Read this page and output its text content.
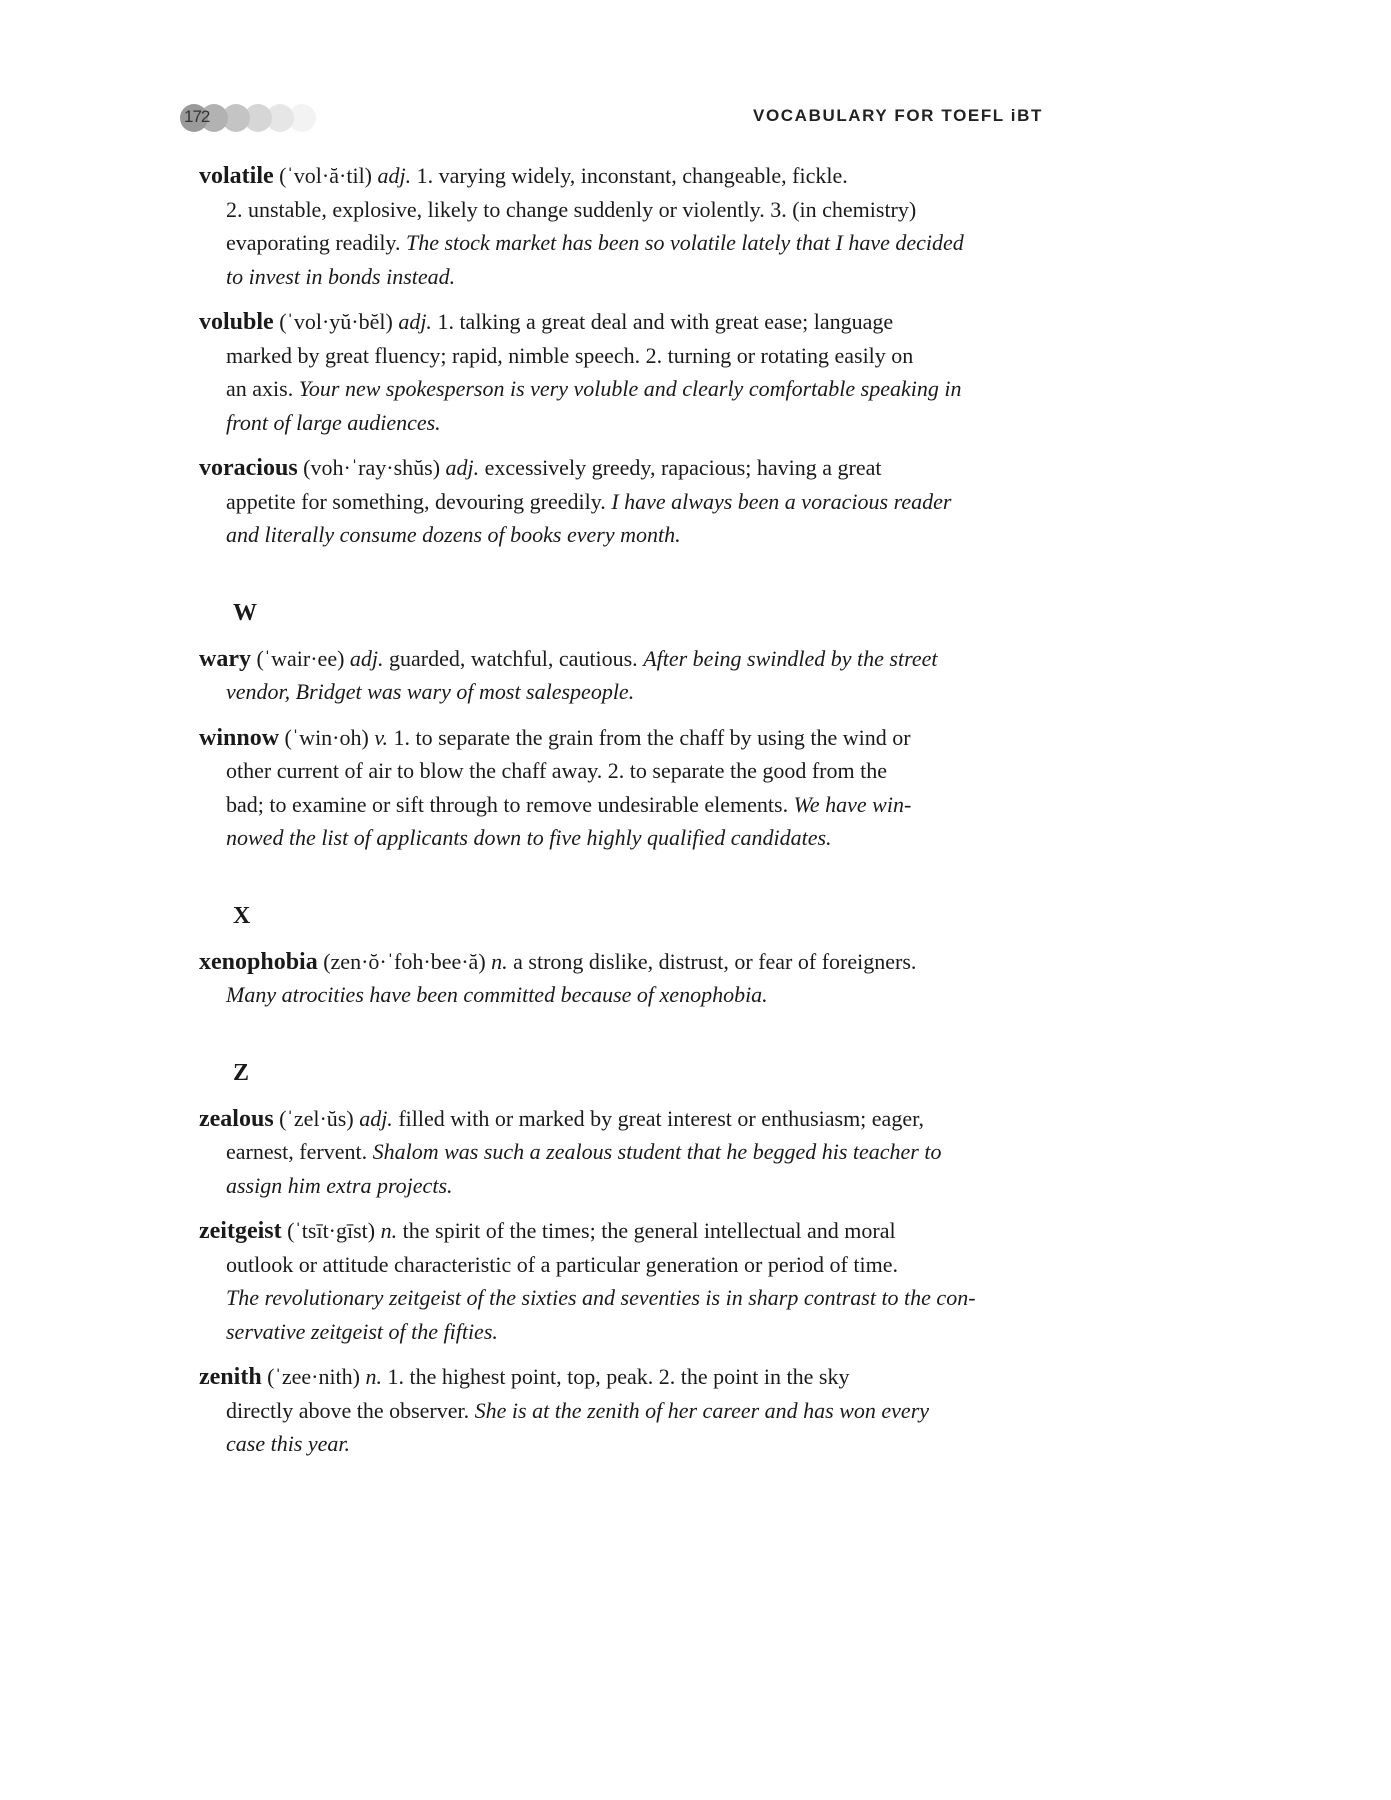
172	VOCABULARY FOR TOEFL iBT
volatile (ˈvol·ă·til) adj. 1. varying widely, inconstant, changeable, fickle.
2. unstable, explosive, likely to change suddenly or violently. 3. (in chemistry)
evaporating readily. The stock market has been so volatile lately that I have decided
to invest in bonds instead.
voluble (ˈvol·yŭ·bĕl) adj. 1. talking a great deal and with great ease; language
marked by great fluency; rapid, nimble speech. 2. turning or rotating easily on
an axis. Your new spokesperson is very voluble and clearly comfortable speaking in
front of large audiences.
voracious (voh·ˈray·shŭs) adj. excessively greedy, rapacious; having a great
appetite for something, devouring greedily. I have always been a voracious reader
and literally consume dozens of books every month.
W
wary (ˈwair·ee) adj. guarded, watchful, cautious. After being swindled by the street
vendor, Bridget was wary of most salespeople.
winnow (ˈwin·oh) v. 1. to separate the grain from the chaff by using the wind or
other current of air to blow the chaff away. 2. to separate the good from the
bad; to examine or sift through to remove undesirable elements. We have win-
nowed the list of applicants down to five highly qualified candidates.
X
xenophobia (zen·ŏ·ˈfoh·bee·ă) n. a strong dislike, distrust, or fear of foreigners.
Many atrocities have been committed because of xenophobia.
Z
zealous (ˈzel·ŭs) adj. filled with or marked by great interest or enthusiasm; eager,
earnest, fervent. Shalom was such a zealous student that he begged his teacher to
assign him extra projects.
zeitgeist (ˈtsīt·gīst) n. the spirit of the times; the general intellectual and moral
outlook or attitude characteristic of a particular generation or period of time.
The revolutionary zeitgeist of the sixties and seventies is in sharp contrast to the con-
servative zeitgeist of the fifties.
zenith (ˈzee·nith) n. 1. the highest point, top, peak. 2. the point in the sky
directly above the observer. She is at the zenith of her career and has won every
case this year.
